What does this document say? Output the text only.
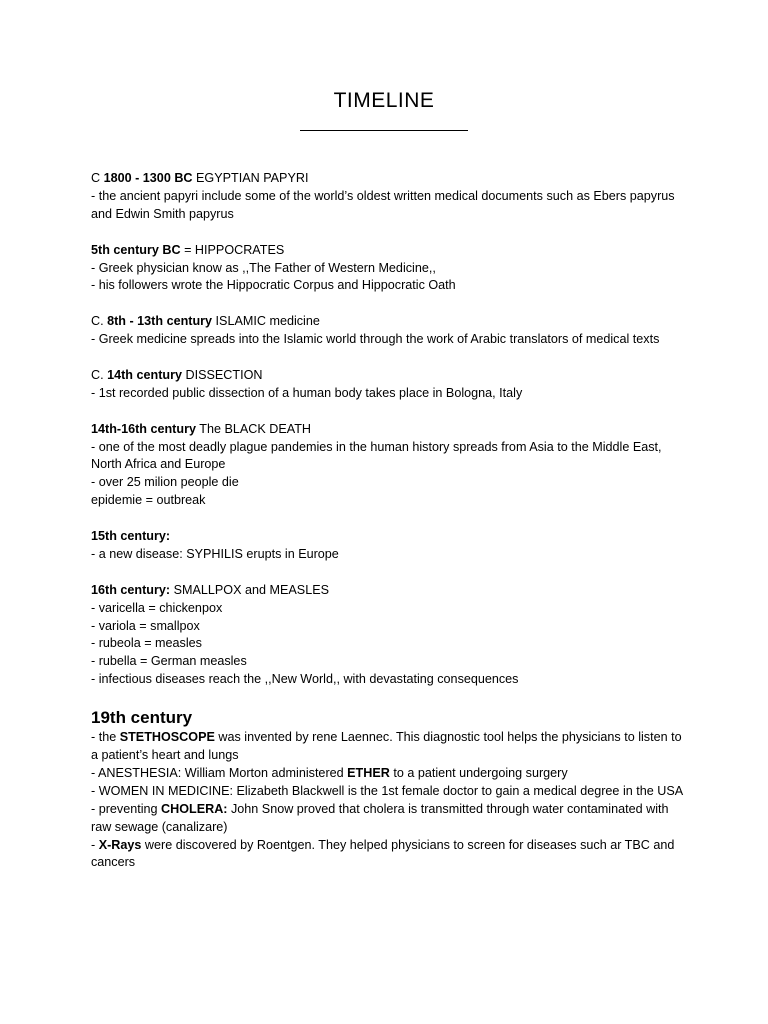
TIMELINE

C 1800 - 1300 BC EGYPTIAN PAPYRI

- the ancient papyri include some of the world’s oldest written medical documents such as Ebers papyrus and Edwin Smith papyrus

5th century BC = HIPPOCRATES

- Greek physician know as ,,The Father of Western Medicine,,

- his followers wrote the Hippocratic Corpus and Hippocratic Oath

C. 8th - 13th century ISLAMIC medicine

- Greek medicine spreads into the Islamic world through the work of Arabic translators of medical texts

C. 14th century DISSECTION

- 1st recorded public dissection of a human body takes place in Bologna, Italy

14th-16th century The BLACK DEATH

- one of the most deadly plague pandemies in the human history spreads from Asia to the Middle East, North Africa and Europe

- over 25 milion people die

epidemie = outbreak

15th century:

- a new disease: SYPHILIS erupts in Europe

16th century: SMALLPOX and MEASLES

- varicella = chickenpox

- variola = smallpox

- rubeola = measles

- rubella = German measles

- infectious diseases reach the ,,New World,, with devastating consequences

19th century

- the STETHOSCOPE was invented by rene Laennec. This diagnostic tool helps the physicians to listen to a patient’s heart and lungs

- ANESTHESIA: William Morton administered ETHER to a patient undergoing surgery

- WOMEN IN MEDICINE: Elizabeth Blackwell is the 1st female doctor to gain a medical degree in the USA

- preventing CHOLERA: John Snow proved that cholera is transmitted through water contaminated with raw sewage (canalizare)

- X-Rays were discovered by Roentgen. They helped physicians to screen for diseases such ar TBC and cancers
